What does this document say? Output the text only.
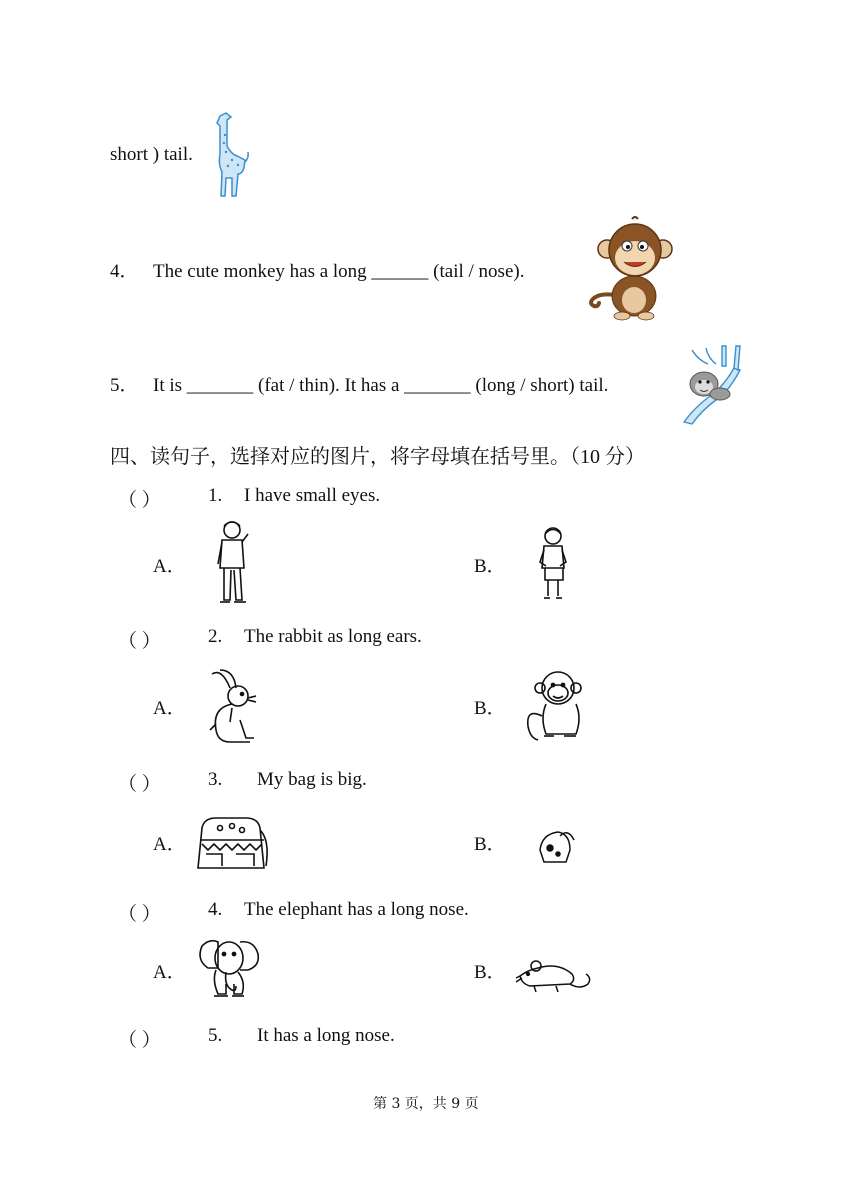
short ) tail.
4． The cute monkey has a long ______ (tail / nose).
5． It is _______ (fat / thin). It has a _______ (long / short) tail.
四、读句子，选择对应的图片，将字母填在括号里。（10 分）
（ ） 1. I have small eyes.
A．	B．
（ ） 2. The rabbit as long ears.
A．	B．
（ ） 3. My bag is big.
A．	B．
（ ） 4. The elephant has a long nose.
A．	B．
（ ） 5. It has a long nose.
第 3 页，共 9 页
